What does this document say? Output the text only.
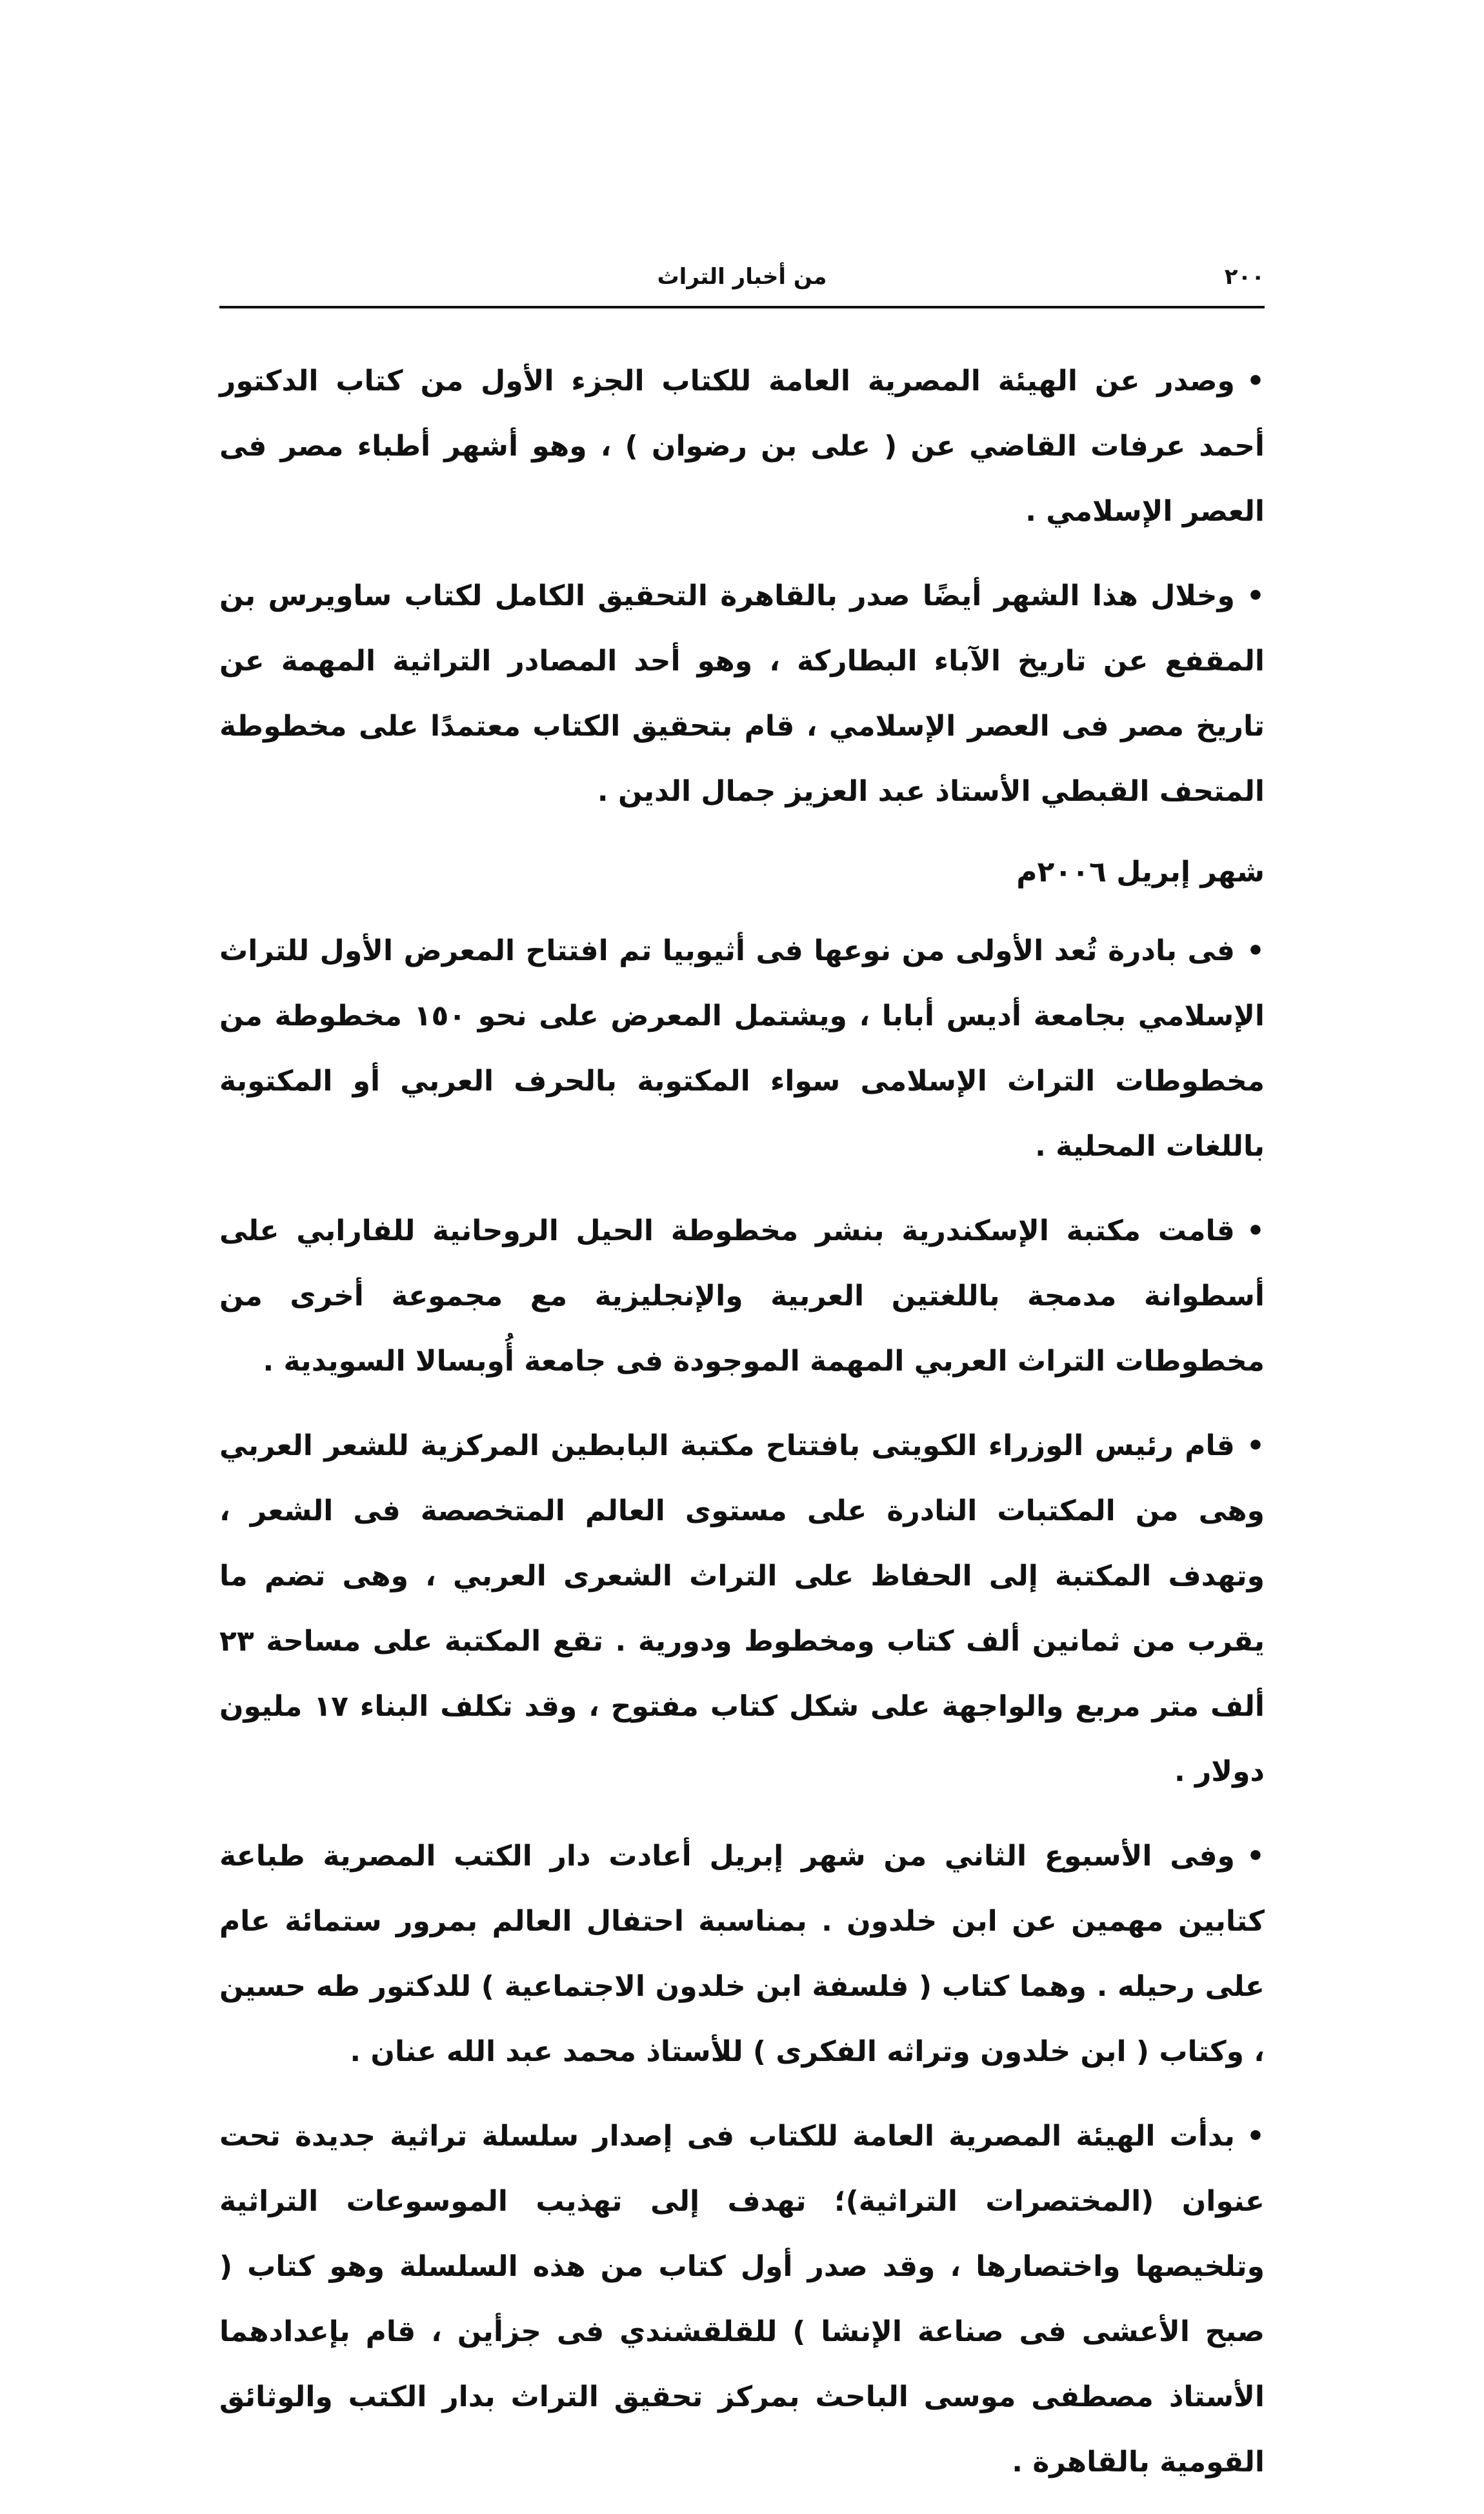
٢٠٠
من أخبار التراث

•وصدر عن الهيئة المصرية العامة للكتاب الجزء الأول من كتاب الدكتور أحمد عرفات القاضي عن ( على بن رضوان ) ، وهو أشهر أطباء مصر فى العصر الإسلامي .

•وخلال هذا الشهر أيضًا صدر بالقاهرة التحقيق الكامل لكتاب ساويرس بن المقفع عن تاريخ الآباء البطاركة ، وهو أحد المصادر التراثية المهمة عن تاريخ مصر فى العصر الإسلامي ، قام بتحقيق الكتاب معتمدًا على مخطوطة المتحف القبطي الأستاذ عبد العزيز جمال الدين .

شهر إبريل ٢٠٠٦م

•فى بادرة تُعد الأولى من نوعها فى أثيوبيا تم افتتاح المعرض الأول للتراث الإسلامي بجامعة أديس أبابا ، ويشتمل المعرض على نحو ١٥٠ مخطوطة من مخطوطات التراث الإسلامى سواء المكتوبة بالحرف العربي أو المكتوبة باللغات المحلية .

•قامت مكتبة الإسكندرية بنشر مخطوطة الحيل الروحانية للفارابي على أسطوانة مدمجة باللغتين العربية والإنجليزية مع مجموعة أخرى من مخطوطات التراث العربي المهمة الموجودة فى جامعة أُوبسالا السويدية .

•قام رئيس الوزراء الكويتى بافتتاح مكتبة البابطين المركزية للشعر العربي وهى من المكتبات النادرة على مستوى العالم المتخصصة فى الشعر ، وتهدف المكتبة إلى الحفاظ على التراث الشعرى العربي ، وهى تضم ما يقرب من ثمانين ألف كتاب ومخطوط ودورية . تقع المكتبة على مساحة ٢٣ ألف متر مربع والواجهة على شكل كتاب مفتوح ، وقد تكلف البناء ١٧ مليون دولار .

•وفى الأسبوع الثاني من شهر إبريل أعادت دار الكتب المصرية طباعة كتابين مهمين عن ابن خلدون . بمناسبة احتفال العالم بمرور ستمائة عام على رحيله . وهما كتاب ( فلسفة ابن خلدون الاجتماعية ) للدكتور طه حسين ، وكتاب ( ابن خلدون وتراثه الفكرى ) للأستاذ محمد عبد الله عنان .

•بدأت الهيئة المصرية العامة للكتاب فى إصدار سلسلة تراثية جديدة تحت عنوان (المختصرات التراثية)؛ تهدف إلى تهذيب الموسوعات التراثية وتلخيصها واختصارها ، وقد صدر أول كتاب من هذه السلسلة وهو كتاب ( صبح الأعشى فى صناعة الإنشا ) للقلقشندي فى جزأين ، قام بإعدادهما الأستاذ مصطفى موسى الباحث بمركز تحقيق التراث بدار الكتب والوثائق القومية بالقاهرة .
